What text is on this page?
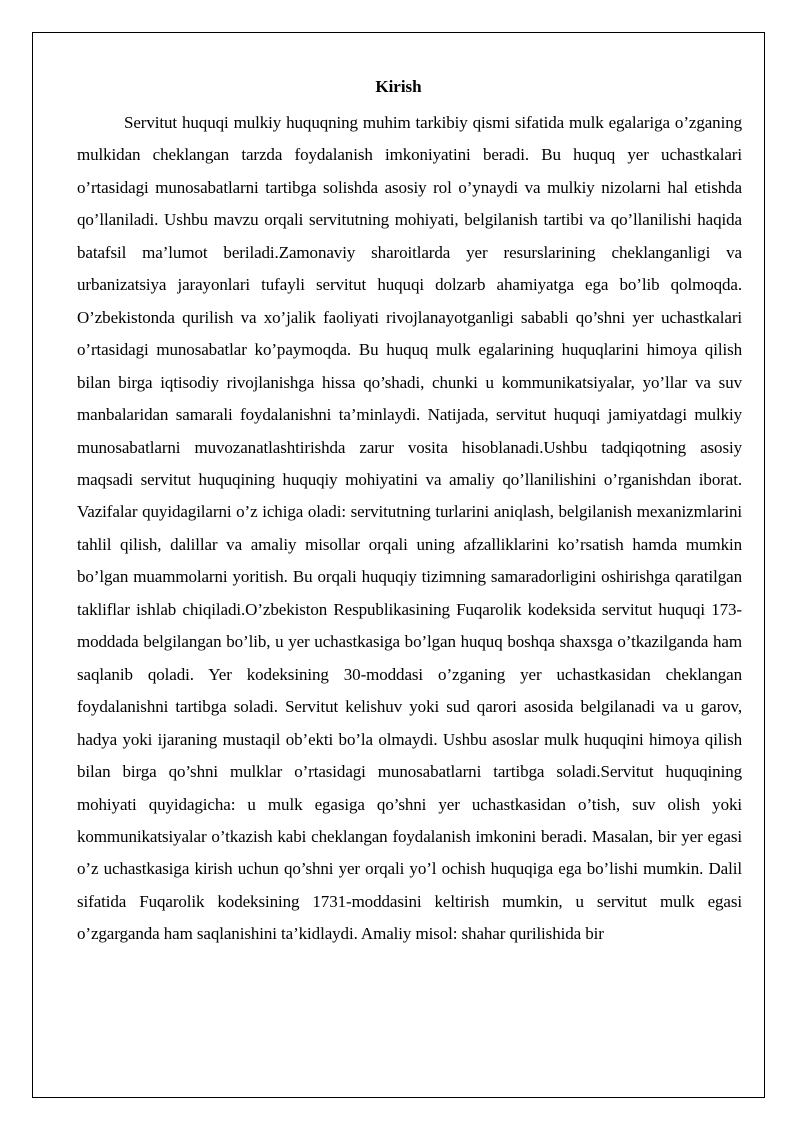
Kirish

Servitut huquqi mulkiy huquqning muhim tarkibiy qismi sifatida mulk egalariga o’zganing mulkidan cheklangan tarzda foydalanish imkoniyatini beradi. Bu huquq yer uchastkalari o’rtasidagi munosabatlarni tartibga solishda asosiy rol o’ynaydi va mulkiy nizolarni hal etishda qo’llaniladi. Ushbu mavzu orqali servitutning mohiyati, belgilanish tartibi va qo’llanilishi haqida batafsil ma’lumot beriladi.Zamonaviy sharoitlarda yer resurslarining cheklanganligi va urbanizatsiya jarayonlari tufayli servitut huquqi dolzarb ahamiyatga ega bo’lib qolmoqda. O’zbekistonda qurilish va xo’jalik faoliyati rivojlanayotganligi sababli qo’shni yer uchastkalari o’rtasidagi munosabatlar ko’paymoqda. Bu huquq mulk egalarining huquqlarini himoya qilish bilan birga iqtisodiy rivojlanishga hissa qo’shadi, chunki u kommunikatsiyalar, yo’llar va suv manbalaridan samarali foydalanishni ta’minlaydi. Natijada, servitut huquqi jamiyatdagi mulkiy munosabatlarni muvozanatlashtirishda zarur vosita hisoblanadi.Ushbu tadqiqotning asosiy maqsadi servitut huquqining huquqiy mohiyatini va amaliy qo’llanilishini o’rganishdan iborat. Vazifalar quyidagilarni o’z ichiga oladi: servitutning turlarini aniqlash, belgilanish mexanizmlarini tahlil qilish, dalillar va amaliy misollar orqali uning afzalliklarini ko’rsatish hamda mumkin bo’lgan muammolarni yoritish. Bu orqali huquqiy tizimning samaradorligini oshirishga qaratilgan takliflar ishlab chiqiladi.O’zbekiston Respublikasining Fuqarolik kodeksida servitut huquqi 173-moddada belgilangan bo’lib, u yer uchastkasiga bo’lgan huquq boshqa shaxsga o’tkazilganda ham saqlanib qoladi. Yer kodeksining 30-moddasi o’zganing yer uchastkasidan cheklangan foydalanishni tartibga soladi. Servitut kelishuv yoki sud qarori asosida belgilanadi va u garov, hadya yoki ijaraning mustaqil ob’ekti bo’la olmaydi. Ushbu asoslar mulk huquqini himoya qilish bilan birga qo’shni mulklar o’rtasidagi munosabatlarni tartibga soladi.Servitut huquqining mohiyati quyidagicha: u mulk egasiga qo’shni yer uchastkasidan o’tish, suv olish yoki kommunikatsiyalar o’tkazish kabi cheklangan foydalanish imkonini beradi. Masalan, bir yer egasi o’z uchastkasiga kirish uchun qo’shni yer orqali yo’l ochish huquqiga ega bo’lishi mumkin. Dalil sifatida Fuqarolik kodeksining 1731-moddasini keltirish mumkin, u servitut mulk egasi o’zgarganda ham saqlanishini ta’kidlaydi. Amaliy misol: shahar qurilishida bir
